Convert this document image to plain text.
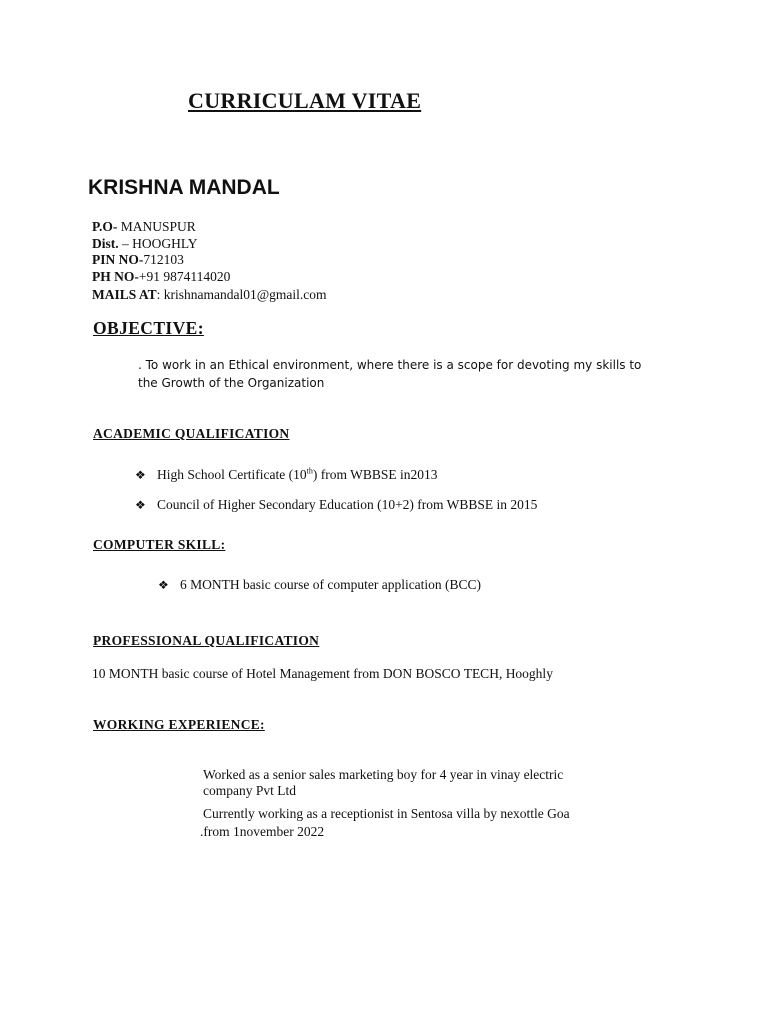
CURRICULAM VITAE
KRISHNA MANDAL
P.O- MANUSPUR
Dist. – HOOGHLY
PIN NO-712103
PH NO-+91 9874114020
MAILS AT: krishnamandal01@gmail.com
OBJECTIVE:
. To work in an Ethical environment, where there is a scope for devoting my skills to
the Growth of the Organization
ACADEMIC QUALIFICATION
❖ High School Certificate (10th) from WBBSE in2013
❖ Council of Higher Secondary Education (10+2) from WBBSE in 2015
COMPUTER SKILL:
❖ 6 MONTH basic course of computer application (BCC)
PROFESSIONAL QUALIFICATION
10 MONTH basic course of Hotel Management from DON BOSCO TECH, Hooghly
WORKING EXPERIENCE:
Worked as a senior sales marketing boy for 4 year in vinay electric
company Pvt Ltd
Currently working as a receptionist in Sentosa villa by nexottle Goa
.from 1november 2022
